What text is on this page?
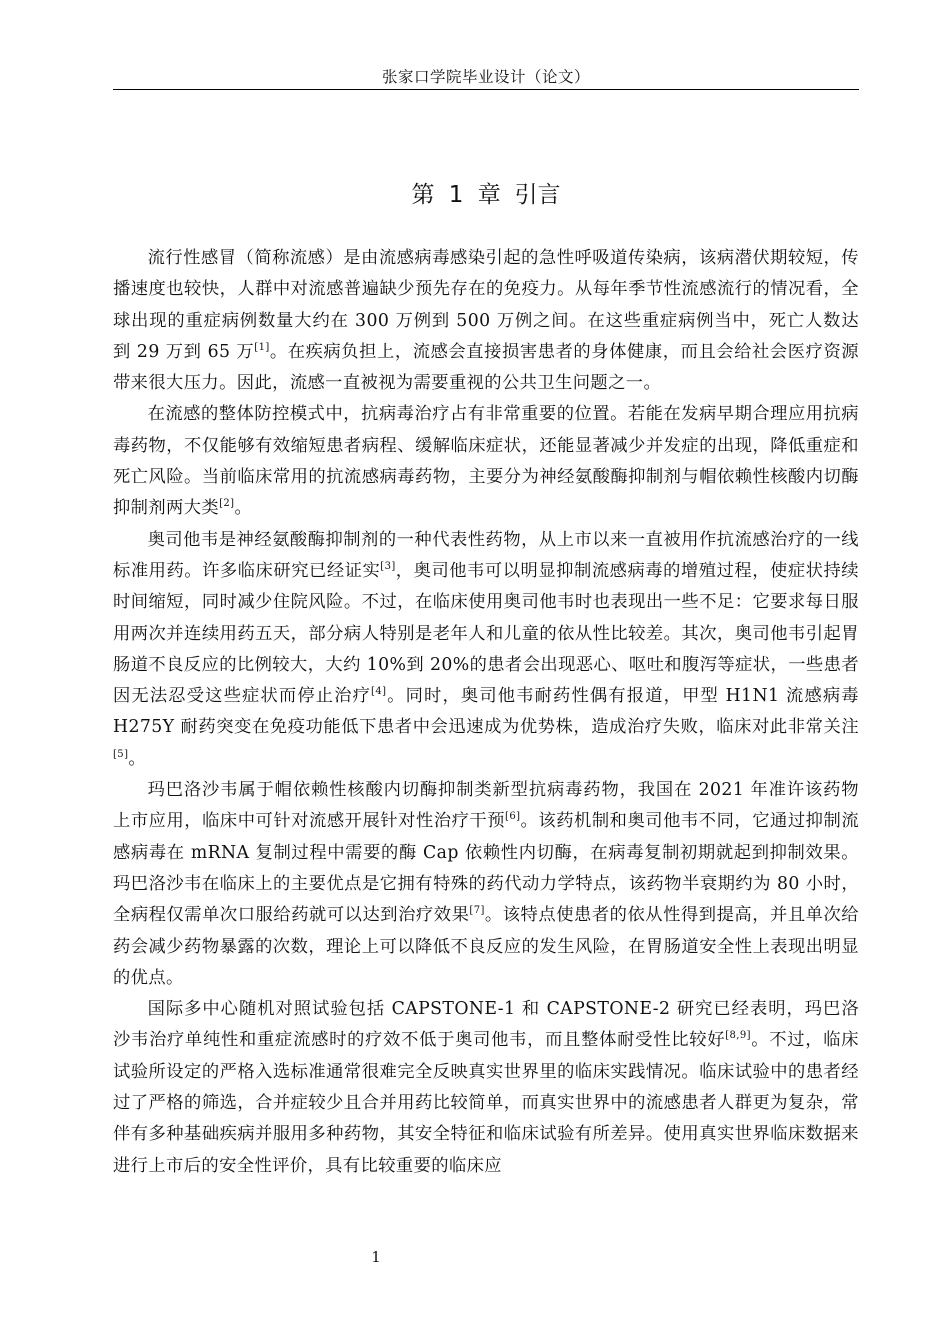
张家口学院毕业设计（论文）
第 1 章 引言

流行性感冒（简称流感）是由流感病毒感染引起的急性呼吸道传染病，该病潜伏期较短，传播速度也较快，人群中对流感普遍缺少预先存在的免疫力。从每年季节性流感流行的情况看，全球出现的重症病例数量大约在 300 万例到 500 万例之间。在这些重症病例当中，死亡人数达到 29 万到 65 万[1]。在疾病负担上，流感会直接损害患者的身体健康，而且会给社会医疗资源带来很大压力。因此，流感一直被视为需要重视的公共卫生问题之一。

在流感的整体防控模式中，抗病毒治疗占有非常重要的位置。若能在发病早期合理应用抗病毒药物，不仅能够有效缩短患者病程、缓解临床症状，还能显著减少并发症的出现，降低重症和死亡风险。当前临床常用的抗流感病毒药物，主要分为神经氨酸酶抑制剂与帽依赖性核酸内切酶抑制剂两大类[2]。

奥司他韦是神经氨酸酶抑制剂的一种代表性药物，从上市以来一直被用作抗流感治疗的一线标准用药。许多临床研究已经证实[3]，奥司他韦可以明显抑制流感病毒的增殖过程，使症状持续时间缩短，同时减少住院风险。不过，在临床使用奥司他韦时也表现出一些不足：它要求每日服用两次并连续用药五天，部分病人特别是老年人和儿童的依从性比较差。其次，奥司他韦引起胃肠道不良反应的比例较大，大约 10%到 20%的患者会出现恶心、呕吐和腹泻等症状，一些患者因无法忍受这些症状而停止治疗[4]。同时，奥司他韦耐药性偶有报道，甲型 H1N1 流感病毒 H275Y 耐药突变在免疫功能低下患者中会迅速成为优势株，造成治疗失败，临床对此非常关注[5]。

玛巴洛沙韦属于帽依赖性核酸内切酶抑制类新型抗病毒药物，我国在 2021 年准许该药物上市应用，临床中可针对流感开展针对性治疗干预[6]。该药机制和奥司他韦不同，它通过抑制流感病毒在 mRNA 复制过程中需要的酶 Cap 依赖性内切酶，在病毒复制初期就起到抑制效果。玛巴洛沙韦在临床上的主要优点是它拥有特殊的药代动力学特点，该药物半衰期约为 80 小时，全病程仅需单次口服给药就可以达到治疗效果[7]。该特点使患者的依从性得到提高，并且单次给药会减少药物暴露的次数，理论上可以降低不良反应的发生风险，在胃肠道安全性上表现出明显的优点。

国际多中心随机对照试验包括 CAPSTONE-1 和 CAPSTONE-2 研究已经表明，玛巴洛沙韦治疗单纯性和重症流感时的疗效不低于奥司他韦，而且整体耐受性比较好[8,9]。不过，临床试验所设定的严格入选标准通常很难完全反映真实世界里的临床实践情况。临床试验中的患者经过了严格的筛选，合并症较少且合并用药比较简单，而真实世界中的流感患者人群更为复杂，常伴有多种基础疾病并服用多种药物，其安全特征和临床试验有所差异。使用真实世界临床数据来进行上市后的安全性评价，具有比较重要的临床应

1
